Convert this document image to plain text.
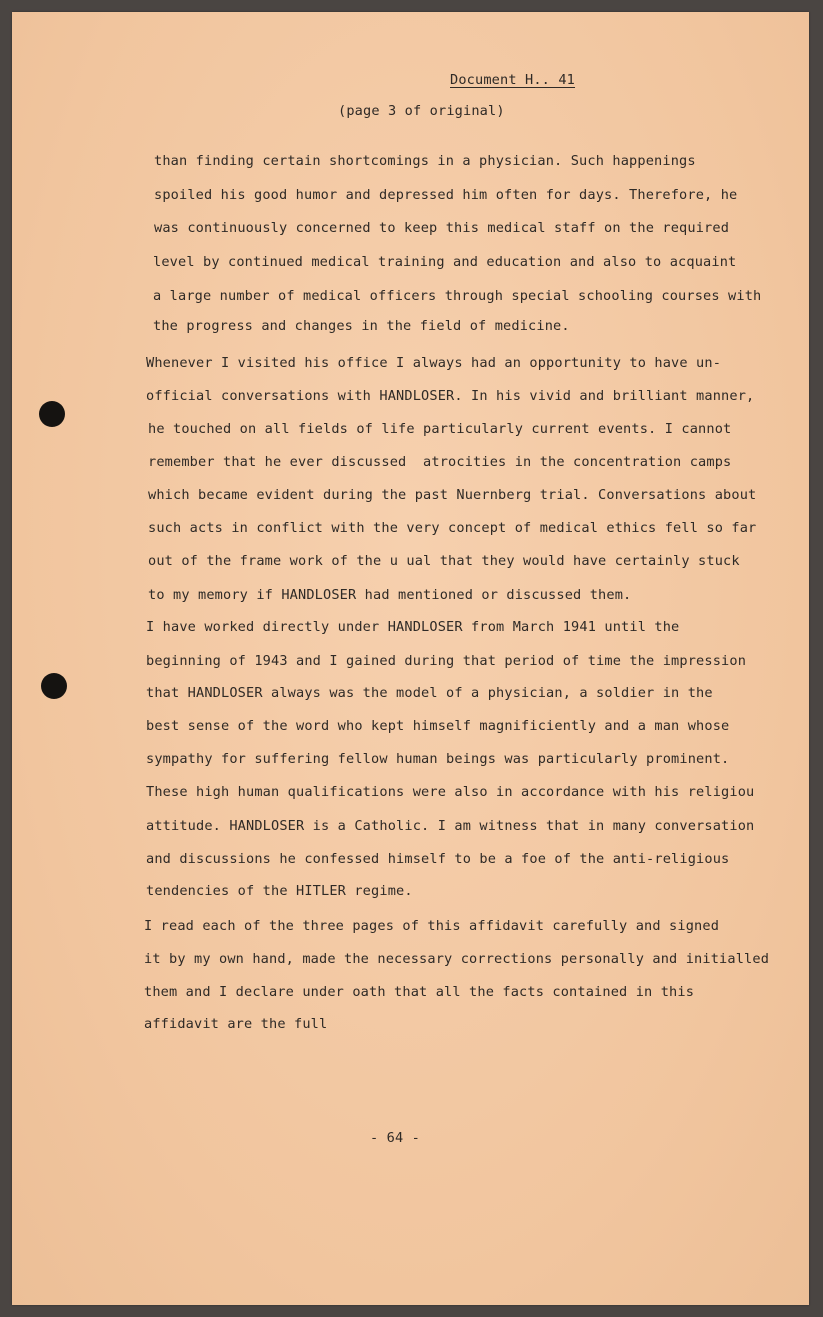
Document H.. 41
(page 3 of original)
than finding certain shortcomings in a physician. Such happenings
spoiled his good humor and depressed him often for days. Therefore, he
was continuously concerned to keep this medical staff on the required
level by continued medical training and education and also to acquaint
a large number of medical officers through special schooling courses with
the progress and changes in the field of medicine.
Whenever I visited his office I always had an opportunity to have un-
official conversations with HANDLOSER. In his vivid and brilliant manner,
he touched on all fields of life particularly current events. I cannot
remember that he ever discussed  atrocities in the concentration camps
which became evident during the past Nuernberg trial. Conversations about
such acts in conflict with the very concept of medical ethics fell so far
out of the frame work of the u ual that they would have certainly stuck
to my memory if HANDLOSER had mentioned or discussed them.
I have worked directly under HANDLOSER from March 1941 until the
beginning of 1943 and I gained during that period of time the impression
that HANDLOSER always was the model of a physician, a soldier in the
best sense of the word who kept himself magnificiently and a man whose
sympathy for suffering fellow human beings was particularly prominent.
These high human qualifications were also in accordance with his religiou
attitude. HANDLOSER is a Catholic. I am witness that in many conversation
and discussions he confessed himself to be a foe of the anti-religious
tendencies of the HITLER regime.
I read each of the three pages of this affidavit carefully and signed
it by my own hand, made the necessary corrections personally and initialled
them and I declare under oath that all the facts contained in this
affidavit are the full
- 64 -
